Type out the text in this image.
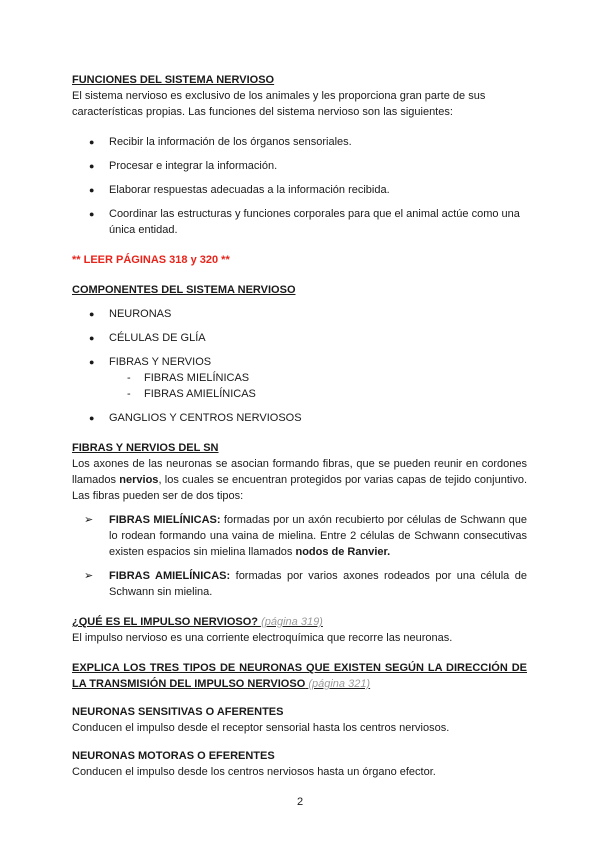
FUNCIONES DEL SISTEMA NERVIOSO

El sistema nervioso es exclusivo de los animales y les proporciona gran parte de sus características propias. Las funciones del sistema nervioso son las siguientes:

● Recibir la información de los órganos sensoriales.
● Procesar e integrar la información.
● Elaborar respuestas adecuadas a la información recibida.
● Coordinar las estructuras y funciones corporales para que el animal actúe como una única entidad.

** LEER PÁGINAS 318 y 320 **

COMPONENTES DEL SISTEMA NERVIOSO

● NEURONAS
● CÉLULAS DE GLÍA
● FIBRAS Y NERVIOS
- FIBRAS MIELÍNICAS
- FIBRAS AMIELÍNICAS
● GANGLIOS Y CENTROS NERVIOSOS

FIBRAS Y NERVIOS DEL SN

Los axones de las neuronas se asocian formando fibras, que se pueden reunir en cordones llamados nervios, los cuales se encuentran protegidos por varias capas de tejido conjuntivo. Las fibras pueden ser de dos tipos:

➢ FIBRAS MIELÍNICAS: formadas por un axón recubierto por células de Schwann que lo rodean formando una vaina de mielina. Entre 2 células de Schwann consecutivas existen espacios sin mielina llamados nodos de Ranvier.
➢ FIBRAS AMIELÍNICAS: formadas por varios axones rodeados por una célula de Schwann sin mielina.

¿QUÉ ES EL IMPULSO NERVIOSO? (página 319)

El impulso nervioso es una corriente electroquímica que recorre las neuronas.

EXPLICA LOS TRES TIPOS DE NEURONAS QUE EXISTEN SEGÚN LA DIRECCIÓN DE LA TRANSMISIÓN DEL IMPULSO NERVIOSO (página 321)

NEURONAS SENSITIVAS O AFERENTES

Conducen el impulso desde el receptor sensorial hasta los centros nerviosos.

NEURONAS MOTORAS O EFERENTES

Conducen el impulso desde los centros nerviosos hasta un órgano efector.

2
